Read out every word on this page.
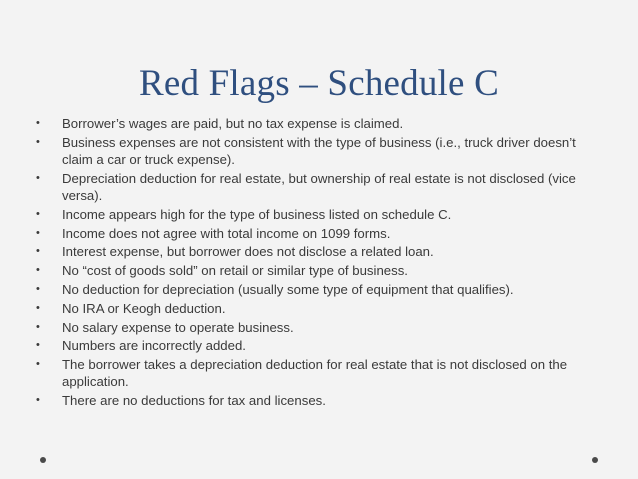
Red Flags – Schedule C
• Borrower’s wages are paid, but no tax expense is claimed.
• Business expenses are not consistent with the type of business (i.e., truck driver doesn’t claim a car or truck expense).
• Depreciation deduction for real estate, but ownership of real estate is not disclosed (vice versa).
• Income appears high for the type of business listed on schedule C.
• Income does not agree with total income on 1099 forms.
• Interest expense, but borrower does not disclose a related loan.
• No “cost of goods sold” on retail or similar type of business.
• No deduction for depreciation (usually some type of equipment that qualifies).
• No IRA or Keogh deduction.
• No salary expense to operate business.
• Numbers are incorrectly added.
• The borrower takes a depreciation deduction for real estate that is not disclosed on the application.
• There are no deductions for tax and licenses.
